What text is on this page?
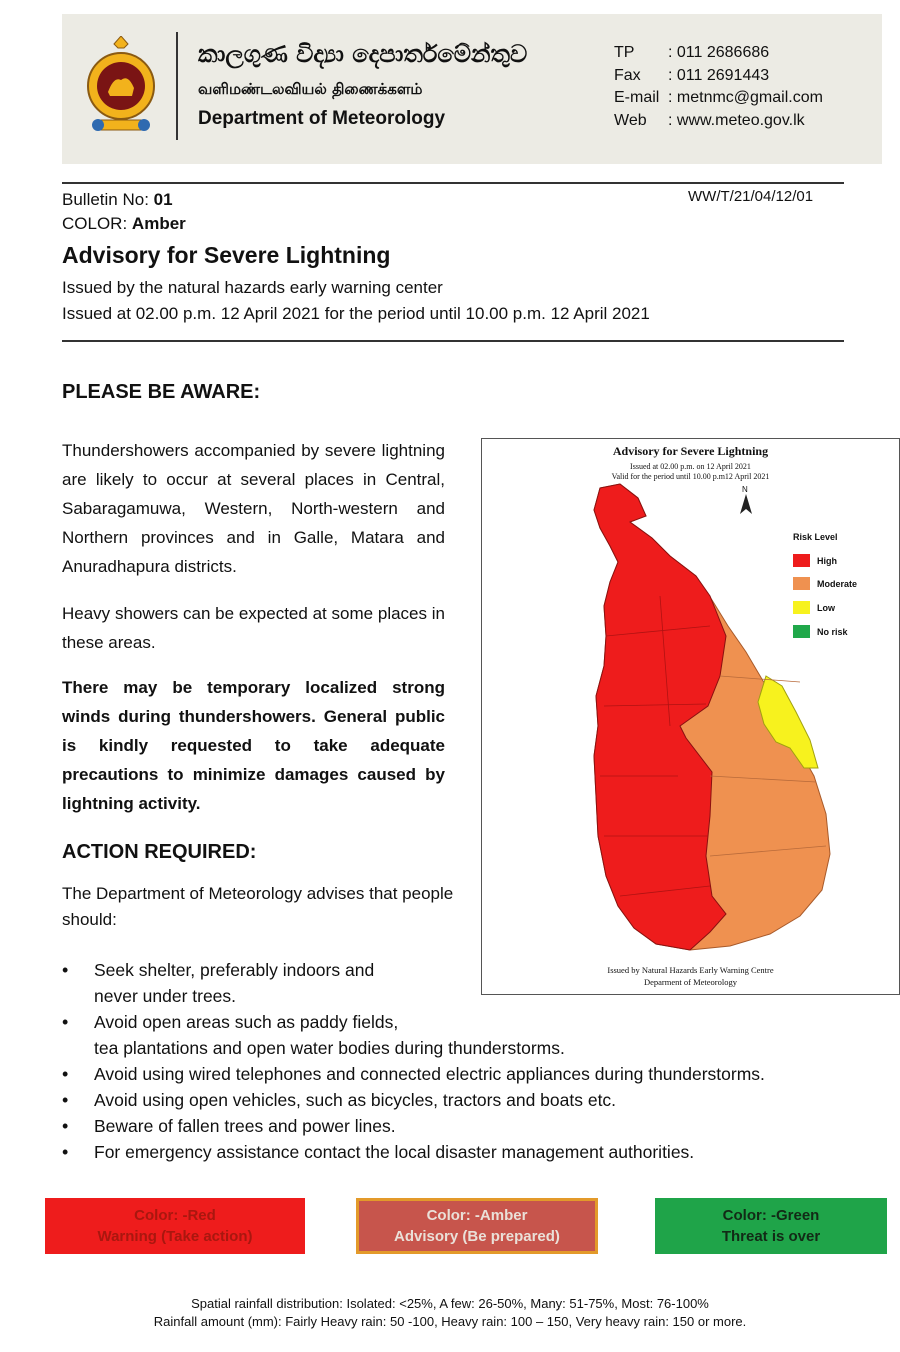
කාලගුණ විද්‍යා දෙපාර්තමේන්තුව
வளிமண்டலவியல் திணைக்களம்
Department of Meteorology
TP	: 011 2686686
Fax	: 011 2691443
E-mail : metnmc@gmail.com
Web	: www.meteo.gov.lk
Bulletin No: 01
COLOR: Amber
WW/T/21/04/12/01
Advisory for Severe Lightning
Issued by the natural hazards early warning center
Issued at 02.00 p.m. 12 April 2021 for the period until 10.00 p.m. 12 April 2021
PLEASE BE AWARE:
Thundershowers accompanied by severe lightning are likely to occur at several places in Central, Sabaragamuwa, Western, North-western and Northern provinces and in Galle, Matara and Anuradhapura districts.
Heavy showers can be expected at some places in these areas.
There may be temporary localized strong winds during thundershowers. General public is kindly requested to take adequate precautions to minimize damages caused by lightning activity.
ACTION REQUIRED:
The Department of Meteorology advises that people should:
• Seek shelter, preferably indoors and
never under trees.
• Avoid open areas such as paddy fields,
tea plantations and open water bodies during thunderstorms.
• Avoid using wired telephones and connected electric appliances during thunderstorms.
• Avoid using open vehicles, such as bicycles, tractors and boats etc.
• Beware of fallen trees and power lines.
• For emergency assistance contact the local disaster management authorities.
Advisory for Severe Lightning
Issued at 02.00 p.m. on 12 April 2021
Valid for the period until 10.00 p.m12 April 2021
N
Risk Level
High
Moderate
Low
No risk
Issued by Natural Hazards Early Warning Centre
Deparment of Meteorology
Color: -Red
Warning (Take action)
Color: -Amber
Advisory (Be prepared)
Color: -Green
Threat is over
Spatial rainfall distribution: Isolated: <25%, A few: 26-50%, Many: 51-75%, Most: 76-100%
Rainfall amount (mm): Fairly Heavy rain: 50 -100, Heavy rain: 100 – 150, Very heavy rain: 150 or more.
